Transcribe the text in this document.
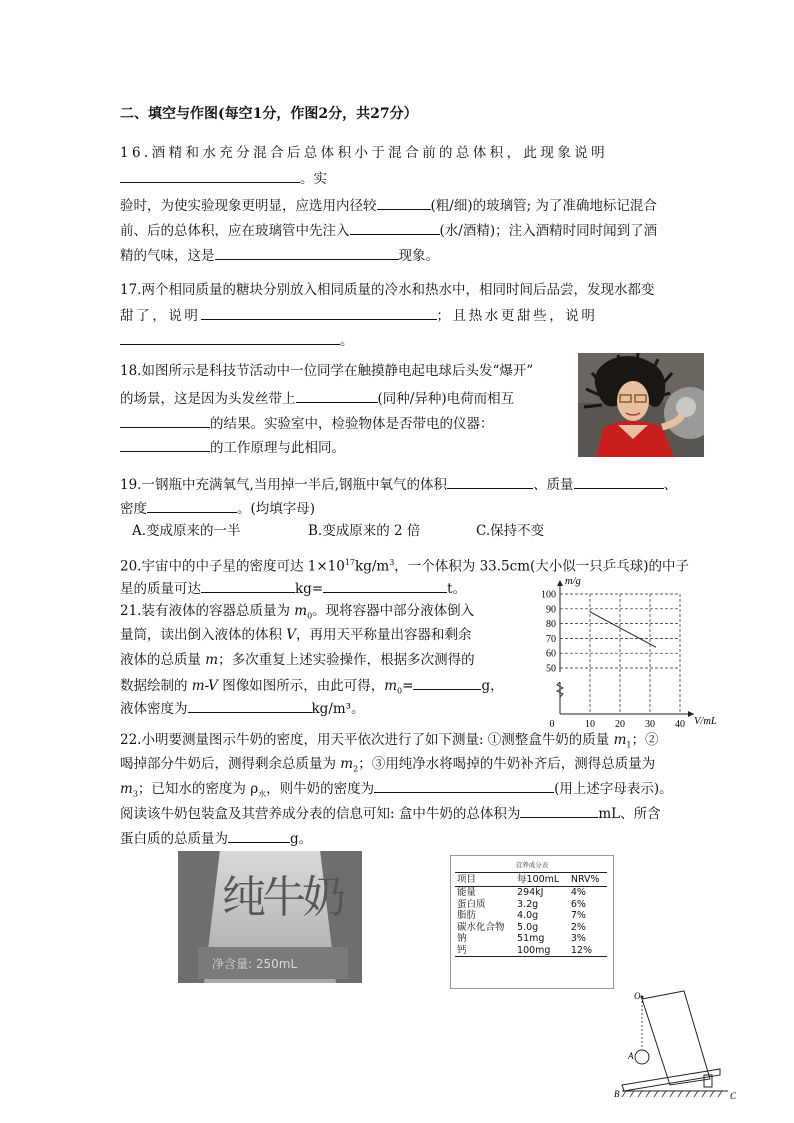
二、填空与作图(每空1分，作图2分，共27分）
16.酒精和水充分混合后总体积小于混合前的总体积，此现象说明
。实
验时，为使实验现象更明显，应选用内径较	(粗/细)的玻璃管; 为了准确地标记混合
前、后的总体积，应在玻璃管中先注入	(水/酒精)；注入酒精时同时闻到了酒
精的气味，这是	现象。
17.两个相同质量的糖块分别放入相同质量的冷水和热水中，相同时间后品尝，发现水都变
甜了，说明	；且热水更甜些，说明
。
18.如图所示是科技节活动中一位同学在触摸静电起电球后头发“爆开”
的场景，这是因为头发丝带上	(同种/异种)电荷而相互
的结果。实验室中，检验物体是否带电的仪器：
的工作原理与此相同。
19.一钢瓶中充满氧气,当用掉一半后,钢瓶中氧气的体积	、质量	、
密度	。(均填字母)
A.变成原来的一半	B.变成原来的 2 倍	C.保持不变
20.宇宙中的中子星的密度可达 $1\times 10^{17}kg/m^3$，一个体积为 33.5cm(大小似一只乒乓球)的中子
星的质量可达	kg=	t。
21.装有液体的容器总质量为 $m_0$。现将容器中部分液体倒入
量筒，读出倒入液体的体积 V，再用天平称量出容器和剩余
液体的总质量 m；多次重复上述实验操作，根据多次测得的
数据绘制的 m-V 图像如图所示，由此可得，$m_0=$	g，
液体密度为	kg/m³。
50
60
70
80
90
100
0	10 20 30 40
m/g
V/mL
22.小明要测量图示牛奶的密度，用天平依次进行了如下测量: ①测整盒牛奶的质量 $m_1$；②
喝掉部分牛奶后，测得剩余总质量为 $m_2$；③用纯净水将喝掉的牛奶补齐后，测得总质量为
$m_3$；已知水的密度为 $\rho_水$，则牛奶的密度为	(用上述字母表示)。
阅读该牛奶包装盒及其营养成分表的信息可知: 盒中牛奶的总体积为	mL、所含
蛋白质的总质量为	g。
纯牛奶
净含量: 250mL
营养成分表
项目	每100mL	NRV%
能量	294kJ	4%
蛋白质	3.2g	6%
脂肪	4.0g	7%
碳水化合物	5.0g	2%
钠	51mg	3%
钙	100mg	12%
O
A
B	C
